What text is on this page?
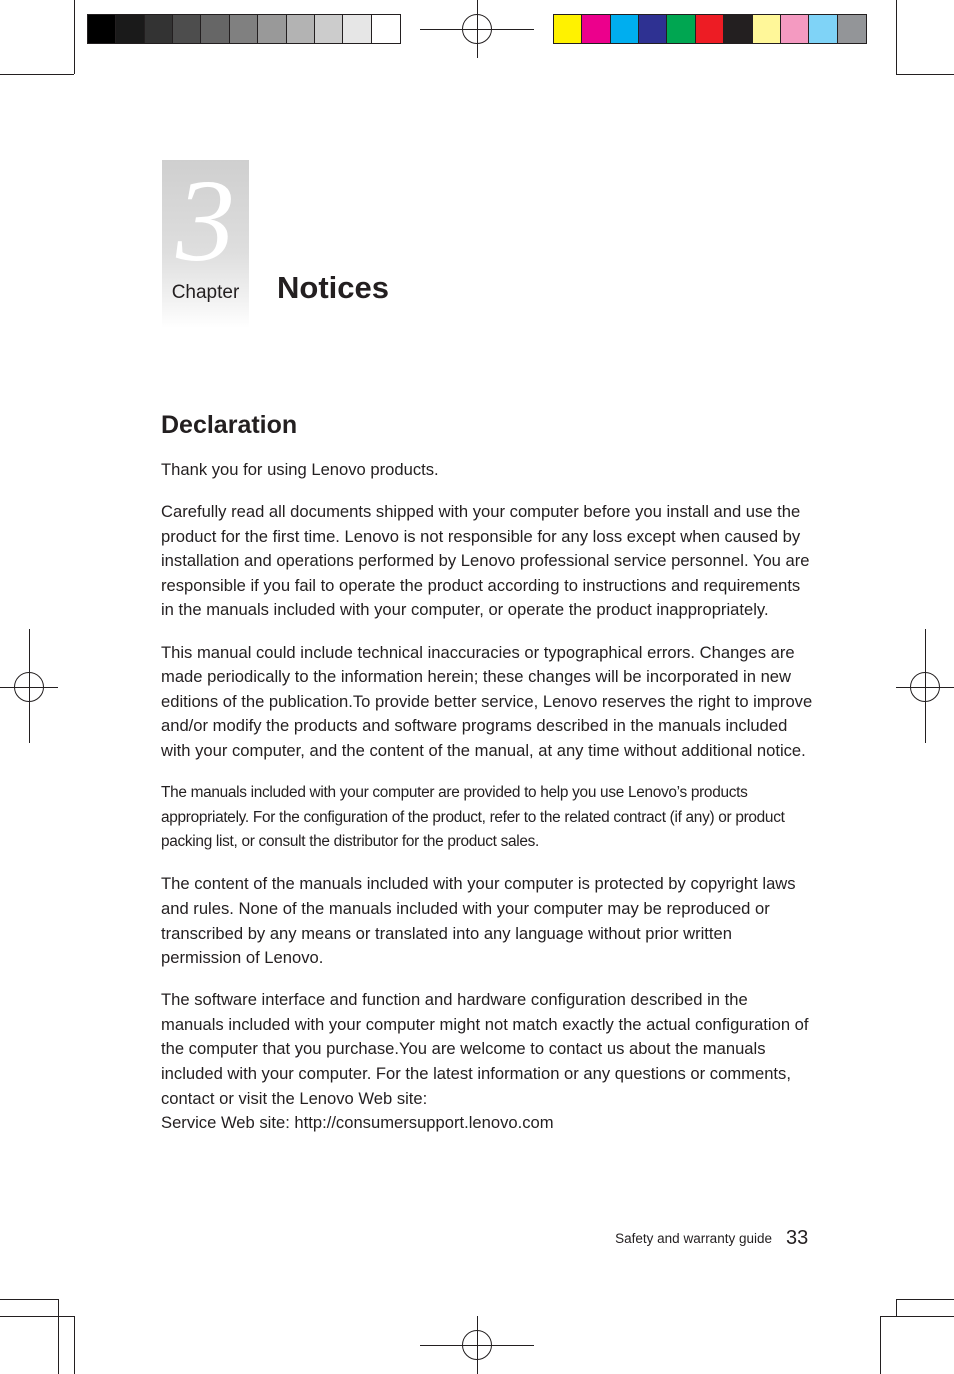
3
Chapter	Notices
Declaration

Thank you for using Lenovo products.

Carefully read all documents shipped with your computer before you install and use the product for the first time. Lenovo is not responsible for any loss except when caused by installation and operations performed by Lenovo professional service personnel. You are responsible if you fail to operate the product according to instructions and requirements in the manuals included with your computer, or operate the product inappropriately.

This manual could include technical inaccuracies or typographical errors. Changes are made periodically to the information herein; these changes will be incorporated in new editions of the publication.To provide better service, Lenovo reserves the right to improve and/or modify the products and software programs described in the manuals included with your computer, and the content of the manual, at any time without additional notice.

The manuals included with your computer are provided to help you use Lenovo’s products appropriately. For the configuration of the product, refer to the related contract (if any) or product packing list, or consult the distributor for the product sales.

The content of the manuals included with your computer is protected by copyright laws and rules. None of the manuals included with your computer may be reproduced or transcribed by any means or translated into any language without prior written permission of Lenovo.

The software interface and function and hardware configuration described in the manuals included with your computer might not match exactly the actual configuration of the computer that you purchase.You are welcome to contact us about the manuals included with your computer. For the latest information or any questions or comments, contact or visit the Lenovo Web site:

Service Web site: http://consumersupport.lenovo.com
Safety and warranty guide 33
